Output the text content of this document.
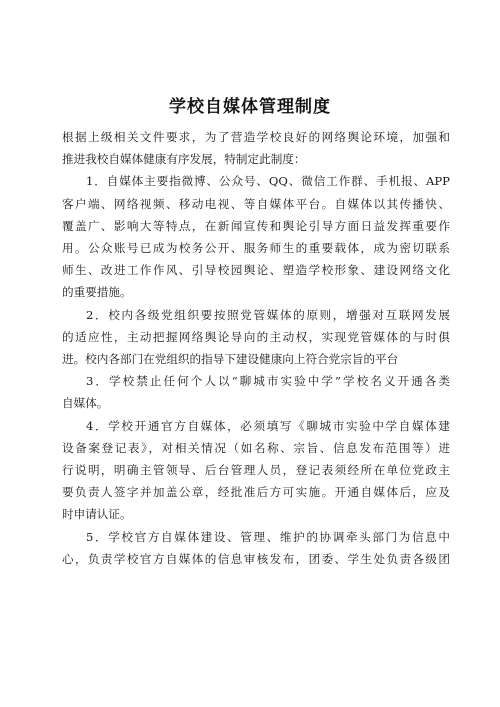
学校自媒体管理制度
根据上级相关文件要求，为了营造学校良好的网络舆论环境，加强和
推进我校自媒体健康有序发展，特制定此制度：
1．自媒体主要指微博、公众号、QQ、微信工作群、手机报、APP
客户端、网络视频、移动电视、等自媒体平台。自媒体以其传播快、
覆盖广、影响大等特点，在新闻宣传和舆论引导方面日益发挥重要作
用。公众账号已成为校务公开、服务师生的重要载体，成为密切联系
师生、改进工作作风、引导校园舆论、塑造学校形象、建设网络文化
的重要措施。
2．校内各级党组织要按照党管媒体的原则，增强对互联网发展
的适应性，主动把握网络舆论导向的主动权，实现党管媒体的与时俱
进。校内各部门在党组织的指导下建设健康向上符合党宗旨的平台
3．学校禁止任何个人以“聊城市实验中学”学校名义开通各类
自媒体。
4．学校开通官方自媒体，必须填写《聊城市实验中学自媒体建
设备案登记表》，对相关情况（如名称、宗旨、信息发布范围等）进
行说明，明确主管领导、后台管理人员，登记表须经所在单位党政主
要负责人签字并加盖公章，经批准后方可实施。开通自媒体后，应及
时申请认证。
5．学校官方自媒体建设、管理、维护的协调牵头部门为信息中
心，负责学校官方自媒体的信息审核发布，团委、学生处负责各级团
